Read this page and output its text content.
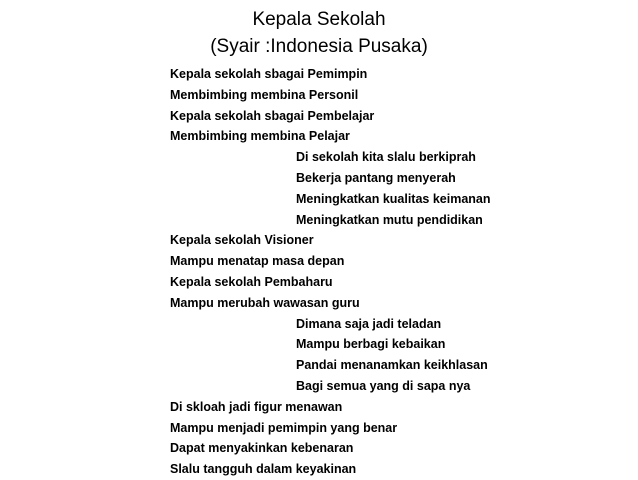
Kepala Sekolah
(Syair :Indonesia Pusaka)
Kepala sekolah sbagai Pemimpin
Membimbing membina Personil
Kepala sekolah sbagai Pembelajar
Membimbing membina Pelajar
Di sekolah kita slalu berkiprah
Bekerja pantang menyerah
Meningkatkan kualitas keimanan
Meningkatkan mutu pendidikan
Kepala sekolah Visioner
Mampu menatap masa depan
Kepala sekolah Pembaharu
Mampu merubah wawasan guru
Dimana saja jadi teladan
Mampu berbagi kebaikan
Pandai menanamkan keikhlasan
Bagi semua yang di sapa nya
Di skloah jadi figur menawan
Mampu menjadi pemimpin yang benar
Dapat menyakinkan kebenaran
Slalu tangguh dalam keyakinan
